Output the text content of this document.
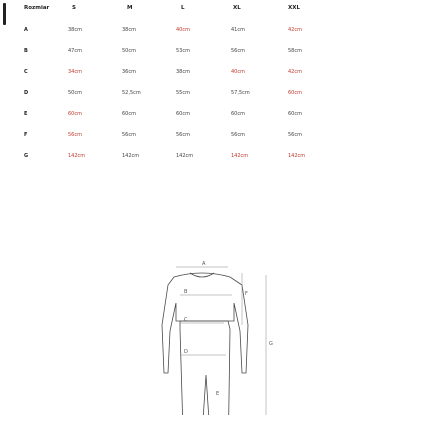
Rozmiar	S	M	L	XL	XXL
A	38cm	38cm	40cm	41cm	42cm
B	47cm	50cm	53cm	56cm	58cm
C	34cm	36cm	38cm	40cm	42cm
D	50cm	52,5cm	55cm	57,5cm	60cm
E	60cm	60cm	60cm	60cm	60cm
F	56cm	56cm	56cm	56cm	56cm
G	142cm	142cm	142cm	142cm	142cm
A
B
C
D
E
F
G
